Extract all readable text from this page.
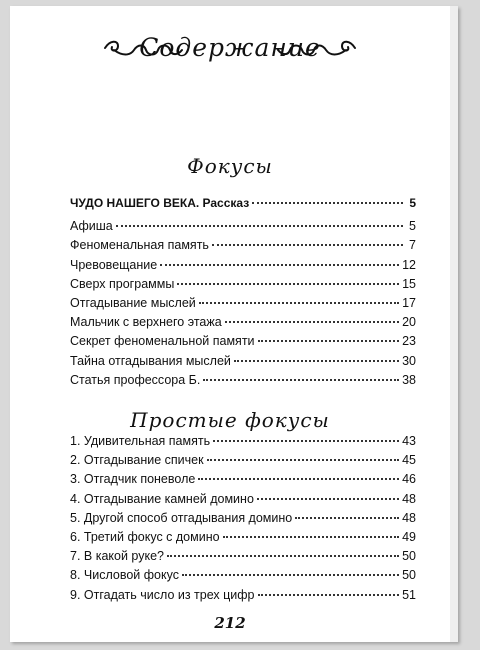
Содержание
Фокусы
ЧУДО НАШЕГО ВЕКА. Рассказ	5
Афиша	5
Феноменальная память	7
Чревовещание	12
Сверх программы	15
Отгадывание мыслей	17
Мальчик с верхнего этажа	20
Секрет феноменальной памяти	23
Тайна отгадывания мыслей	30
Статья профессора Б.	38
Простые фокусы
1. Удивительная память	43
2. Отгадывание спичек	45
3. Отгадчик поневоле	46
4. Отгадывание камней домино	48
5. Другой способ отгадывания домино	48
6. Третий фокус с домино	49
7. В какой руке?	50
8. Числовой фокус	50
9. Отгадать число из трех цифр	51
212
